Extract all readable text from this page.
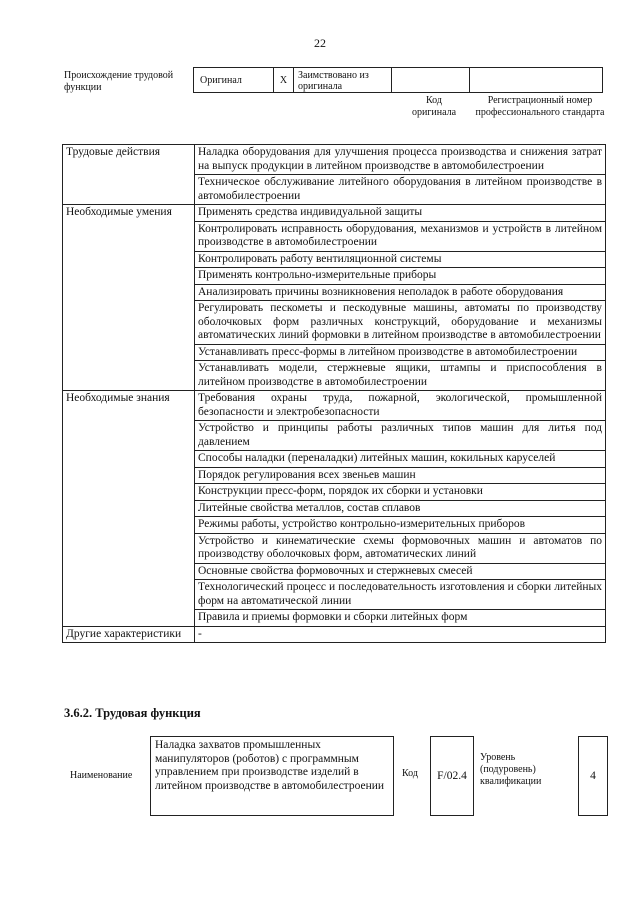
22
Происхождение трудовой функции
Оригинал	X	Заимствовано из оригинала
Код оригинала
Регистрационный номер профессионального стандарта
Трудовые действия	Наладка оборудования для улучшения процесса производства и снижения затрат на выпуск продукции в литейном производстве в автомобилестроении
	Техническое обслуживание литейного оборудования в литейном производстве в автомобилестроении
Необходимые умения	Применять средства индивидуальной защиты
	Контролировать исправность оборудования, механизмов и устройств в литейном производстве в автомобилестроении
	Контролировать работу вентиляционной системы
	Применять контрольно-измерительные приборы
	Анализировать причины возникновения неполадок в работе оборудования
	Регулировать пескометы и пескодувные машины, автоматы по производству оболочковых форм различных конструкций, оборудование и механизмы автоматических линий формовки в литейном производстве в автомобилестроении
	Устанавливать пресс-формы в литейном производстве в автомобилестроении
	Устанавливать модели, стержневые ящики, штампы и приспособления в литейном производстве в автомобилестроении
Необходимые знания	Требования охраны труда, пожарной, экологической, промышленной безопасности и электробезопасности
	Устройство и принципы работы различных типов машин для литья под давлением
	Способы наладки (переналадки) литейных машин, кокильных каруселей
	Порядок регулирования всех звеньев машин
	Конструкции пресс-форм, порядок их сборки и установки
	Литейные свойства металлов, состав сплавов
	Режимы работы, устройство контрольно-измерительных приборов
	Устройство и кинематические схемы формовочных машин и автоматов по производству оболочковых форм, автоматических линий
	Основные свойства формовочных и стержневых смесей
	Технологический процесс и последовательность изготовления и сборки литейных форм на автоматической линии
	Правила и приемы формовки и сборки литейных форм
Другие характеристики	-
3.6.2. Трудовая функция
Наименование
Наладка захватов промышленных манипуляторов (роботов) с программным управлением при производстве изделий в литейном производстве в автомобилестроении
Код	F/02.4
Уровень (подуровень) квалификации	4
